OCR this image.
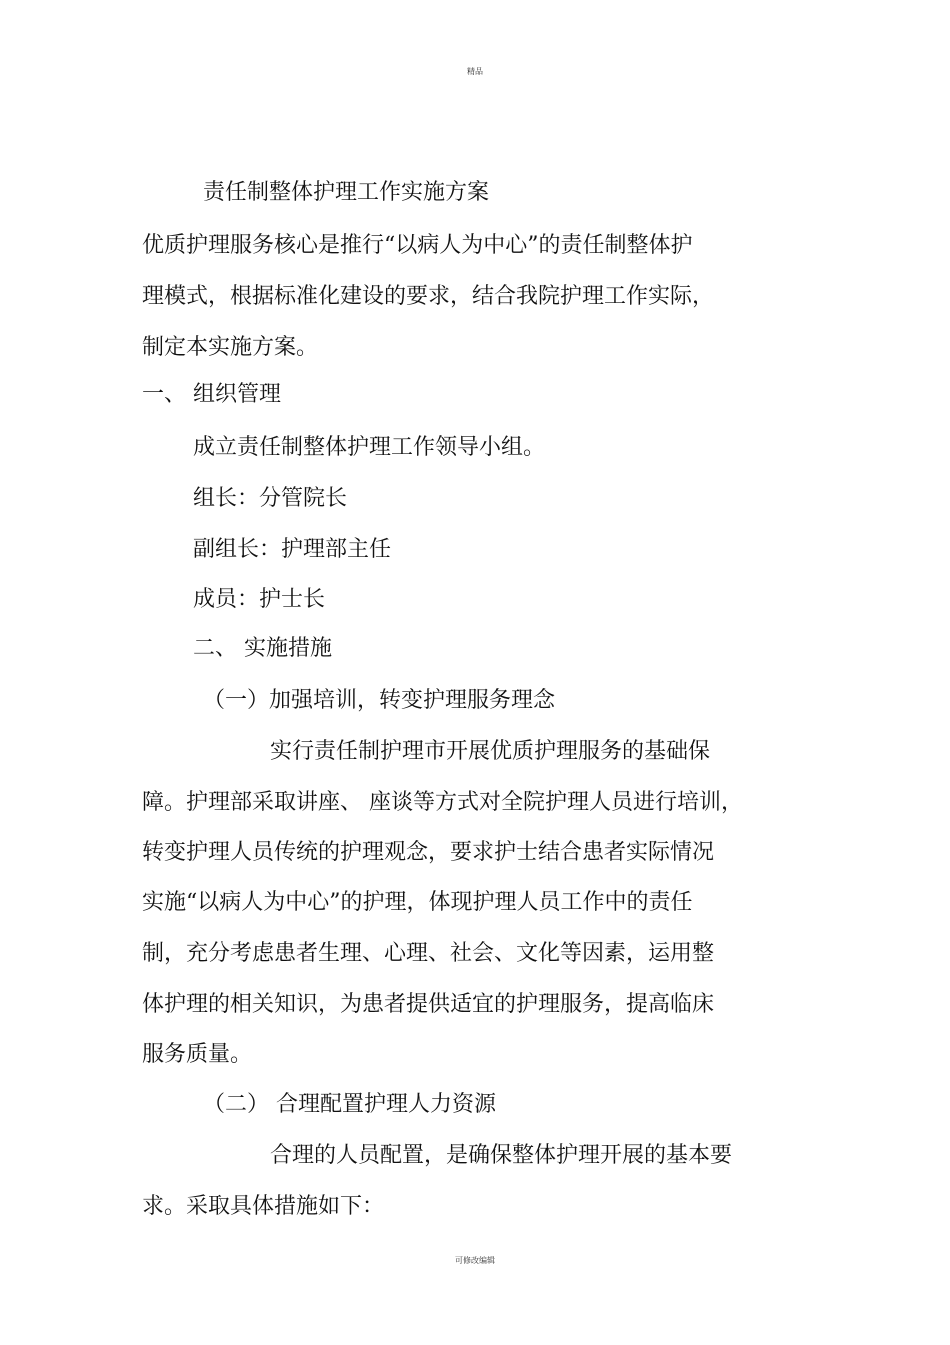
精品
责任制整体护理工作实施方案
优质护理服务核心是推行“以病人为中心”的责任制整体护
理模式，根据标准化建设的要求，结合我院护理工作实际，
制定本实施方案。
一、 组织管理
成立责任制整体护理工作领导小组。
组长：分管院长
副组长：护理部主任
成员：护士长
二、 实施措施
（一）加强培训，转变护理服务理念
实行责任制护理市开展优质护理服务的基础保
障。护理部采取讲座、 座谈等方式对全院护理人员进行培训，
转变护理人员传统的护理观念，要求护士结合患者实际情况
实施“以病人为中心”的护理，体现护理人员工作中的责任
制，充分考虑患者生理、心理、社会、文化等因素，运用整
体护理的相关知识，为患者提供适宜的护理服务，提高临床
服务质量。
（二） 合理配置护理人力资源
合理的人员配置，是确保整体护理开展的基本要
求。采取具体措施如下：
可修改编辑
